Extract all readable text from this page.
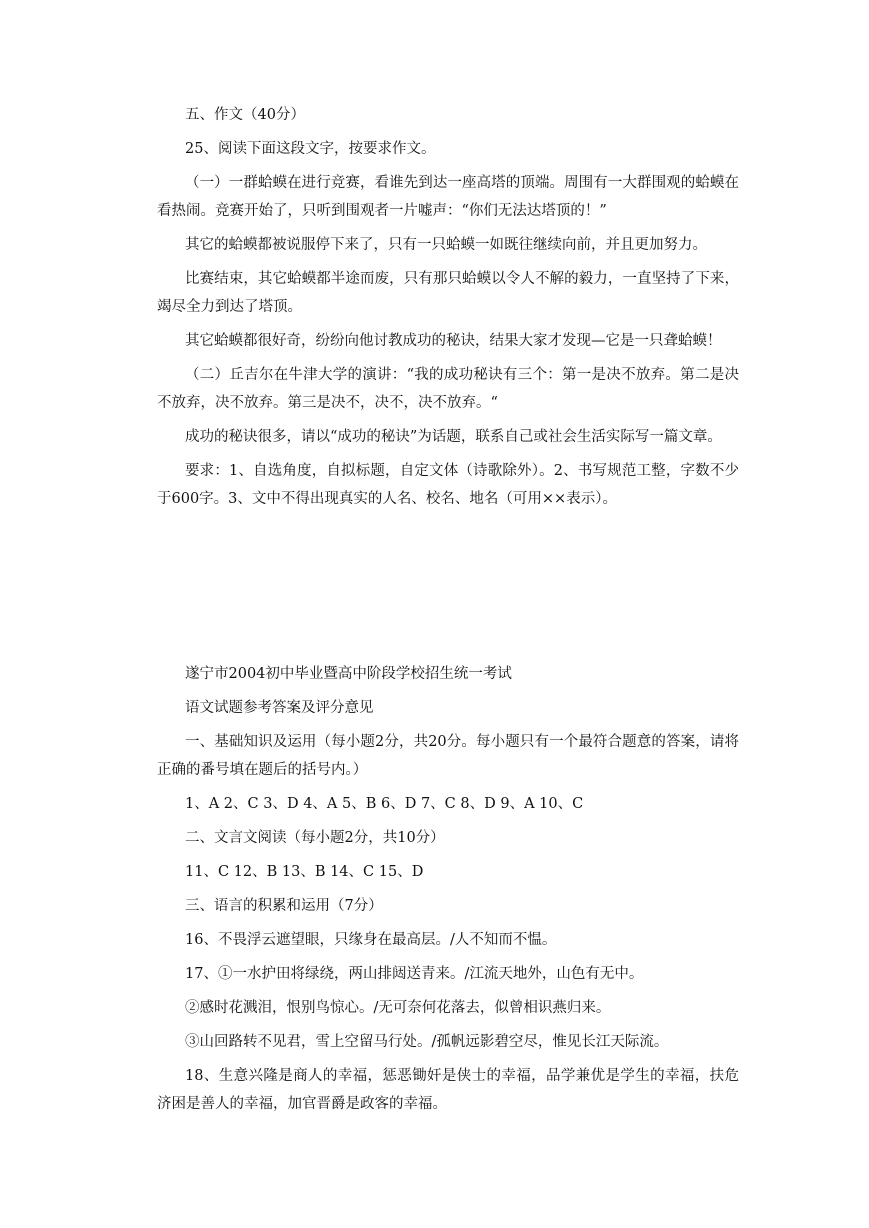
五、作文（40分）

25、阅读下面这段文字，按要求作文。

（一）一群蛤蟆在进行竞赛，看谁先到达一座高塔的顶端。周围有一大群围观的蛤蟆在看热闹。竞赛开始了，只听到围观者一片嘘声：“你们无法达塔顶的！”

其它的蛤蟆都被说服停下来了，只有一只蛤蟆一如既往继续向前，并且更加努力。

比赛结束，其它蛤蟆都半途而废，只有那只蛤蟆以令人不解的毅力，一直坚持了下来，竭尽全力到达了塔顶。

其它蛤蟆都很好奇，纷纷向他讨教成功的秘诀，结果大家才发现—它是一只聋蛤蟆！

（二）丘吉尔在牛津大学的演讲：“我的成功秘诀有三个：第一是决不放弃。第二是决不放弃，决不放弃。第三是决不，决不，决不放弃。“

成功的秘诀很多，请以“成功的秘诀”为话题，联系自己或社会生活实际写一篇文章。

要求：1、自选角度，自拟标题，自定文体（诗歌除外）。2、书写规范工整，字数不少于600字。3、文中不得出现真实的人名、校名、地名（可用××表示）。

遂宁市2004初中毕业暨高中阶段学校招生统一考试

语文试题参考答案及评分意见

一、基础知识及运用（每小题2分，共20分。每小题只有一个最符合题意的答案，请将正确的番号填在题后的括号内。）

1、A 2、C 3、D 4、A 5、B 6、D 7、C 8、D 9、A 10、C

二、文言文阅读（每小题2分，共10分）

11、C 12、B 13、B 14、C 15、D

三、语言的积累和运用（7分）

16、不畏浮云遮望眼，只缘身在最高层。/人不知而不愠。

17、①一水护田将绿绕，两山排闼送青来。/江流天地外，山色有无中。

②感时花溅泪，恨别鸟惊心。/无可奈何花落去，似曾相识燕归来。

③山回路转不见君，雪上空留马行处。/孤帆远影碧空尽，惟见长江天际流。

18、生意兴隆是商人的幸福，惩恶锄奸是侠士的幸福，品学兼优是学生的幸福，扶危济困是善人的幸福，加官晋爵是政客的幸福。
